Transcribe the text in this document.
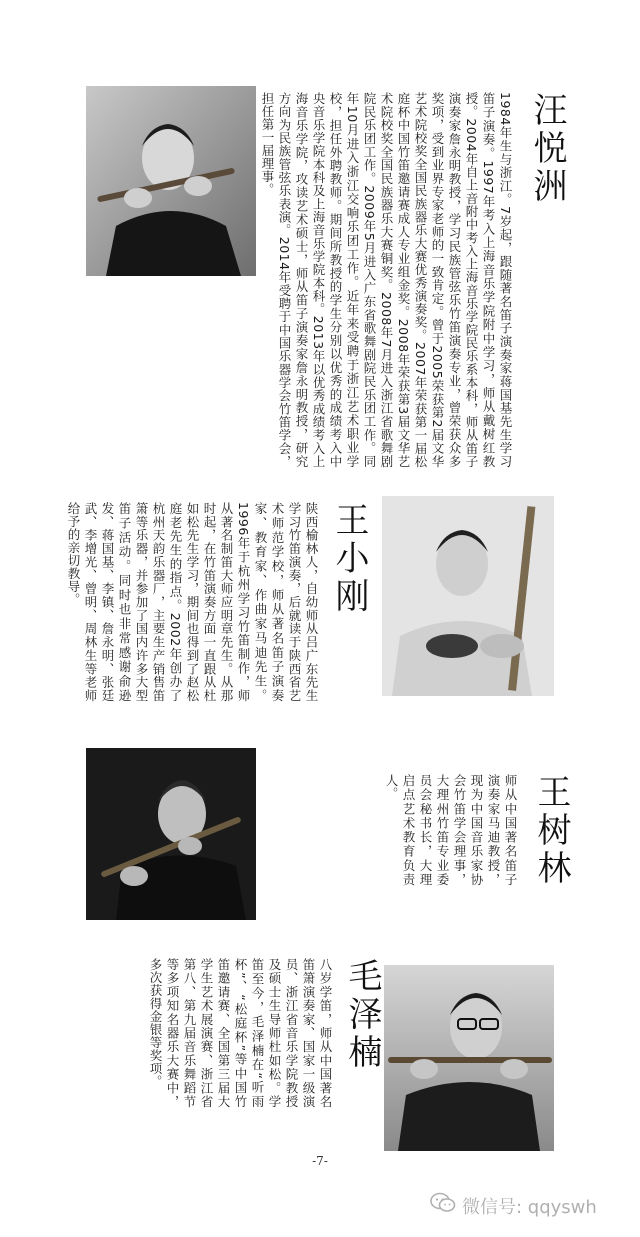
汪悦洲
1984年生与浙江。7岁起，跟随著名笛子演奏家蒋国基先生学习笛子演奏。1997年考入上海音乐学院附中学习，师从戴树红教授。2004年自上音附中考入上海音乐学院民乐系本科，师从笛子演奏家詹永明教授，学习民族管弦乐竹笛演奏专业，曾荣获众多奖项，受到业界专家老师的一致肯定。曾于2005荣获第2届文华艺术院校奖全国民族器乐大赛优秀演奏奖。2007年荣获第一届松庭杯中国竹笛邀请赛成人专业组金奖。2008年荣获第3届文华艺术院校奖全国民族器乐大赛铜奖。2008年7月进入浙江省歌舞剧院民乐团工作。2009年5月进入广东省歌舞剧院民乐团工作。同年10月进入浙江交响乐团工作。近年来受聘于浙江艺术职业学校，担任外聘教师。期间所教授的学生分别以优秀的成绩考入中央音乐学院本科及上海音乐学院本科。2013年以优秀成绩考入上海音乐学院，攻读艺术硕士，师从笛子演奏家詹永明教授，研究方向为民族管弦乐表演。2014年受聘于中国乐器学会竹笛学会，担任第一届理事。
王小刚
陕西榆林人，自幼师从吕广东先生学习竹笛演奏，后就读于陕西省艺术师范学校，师从著名笛子演奏家、教育家、作曲家马迪先生。1996年于杭州学习竹笛制作，师从著名制笛大师应明章先生。从那时起，在竹笛演奏方面一直跟从杜如松先生学习，期间也得到了赵松庭老先生的指点。2002年创办了杭州天韵乐器厂，主要生产销售笛箫等乐器，并参加了国内许多大型笛子活动。同时也非常感谢俞逊发、蒋国基、李镇、詹永明、张廷武、李增光、曾明、周林生等老师给予的亲切教导。
王树林
师从中国著名笛子演奏家马迪教授，现为中国音乐家协会竹笛学会理事，大理州竹笛专业委员会秘书长，大理启点艺术教育负责人。
毛泽楠
八岁学笛，师从中国著名笛箫演奏家、国家一级演员、浙江省音乐学院教授及硕士生导师杜如松。学笛至今，毛泽楠在“听雨杯”、“松庭杯”等中国竹笛邀请赛、全国第三届大学生艺术展演赛、浙江省第八、第九届音乐舞蹈节等多项知名器乐大赛中，多次获得金银等奖项。
-7-
微信号: qqyswh
